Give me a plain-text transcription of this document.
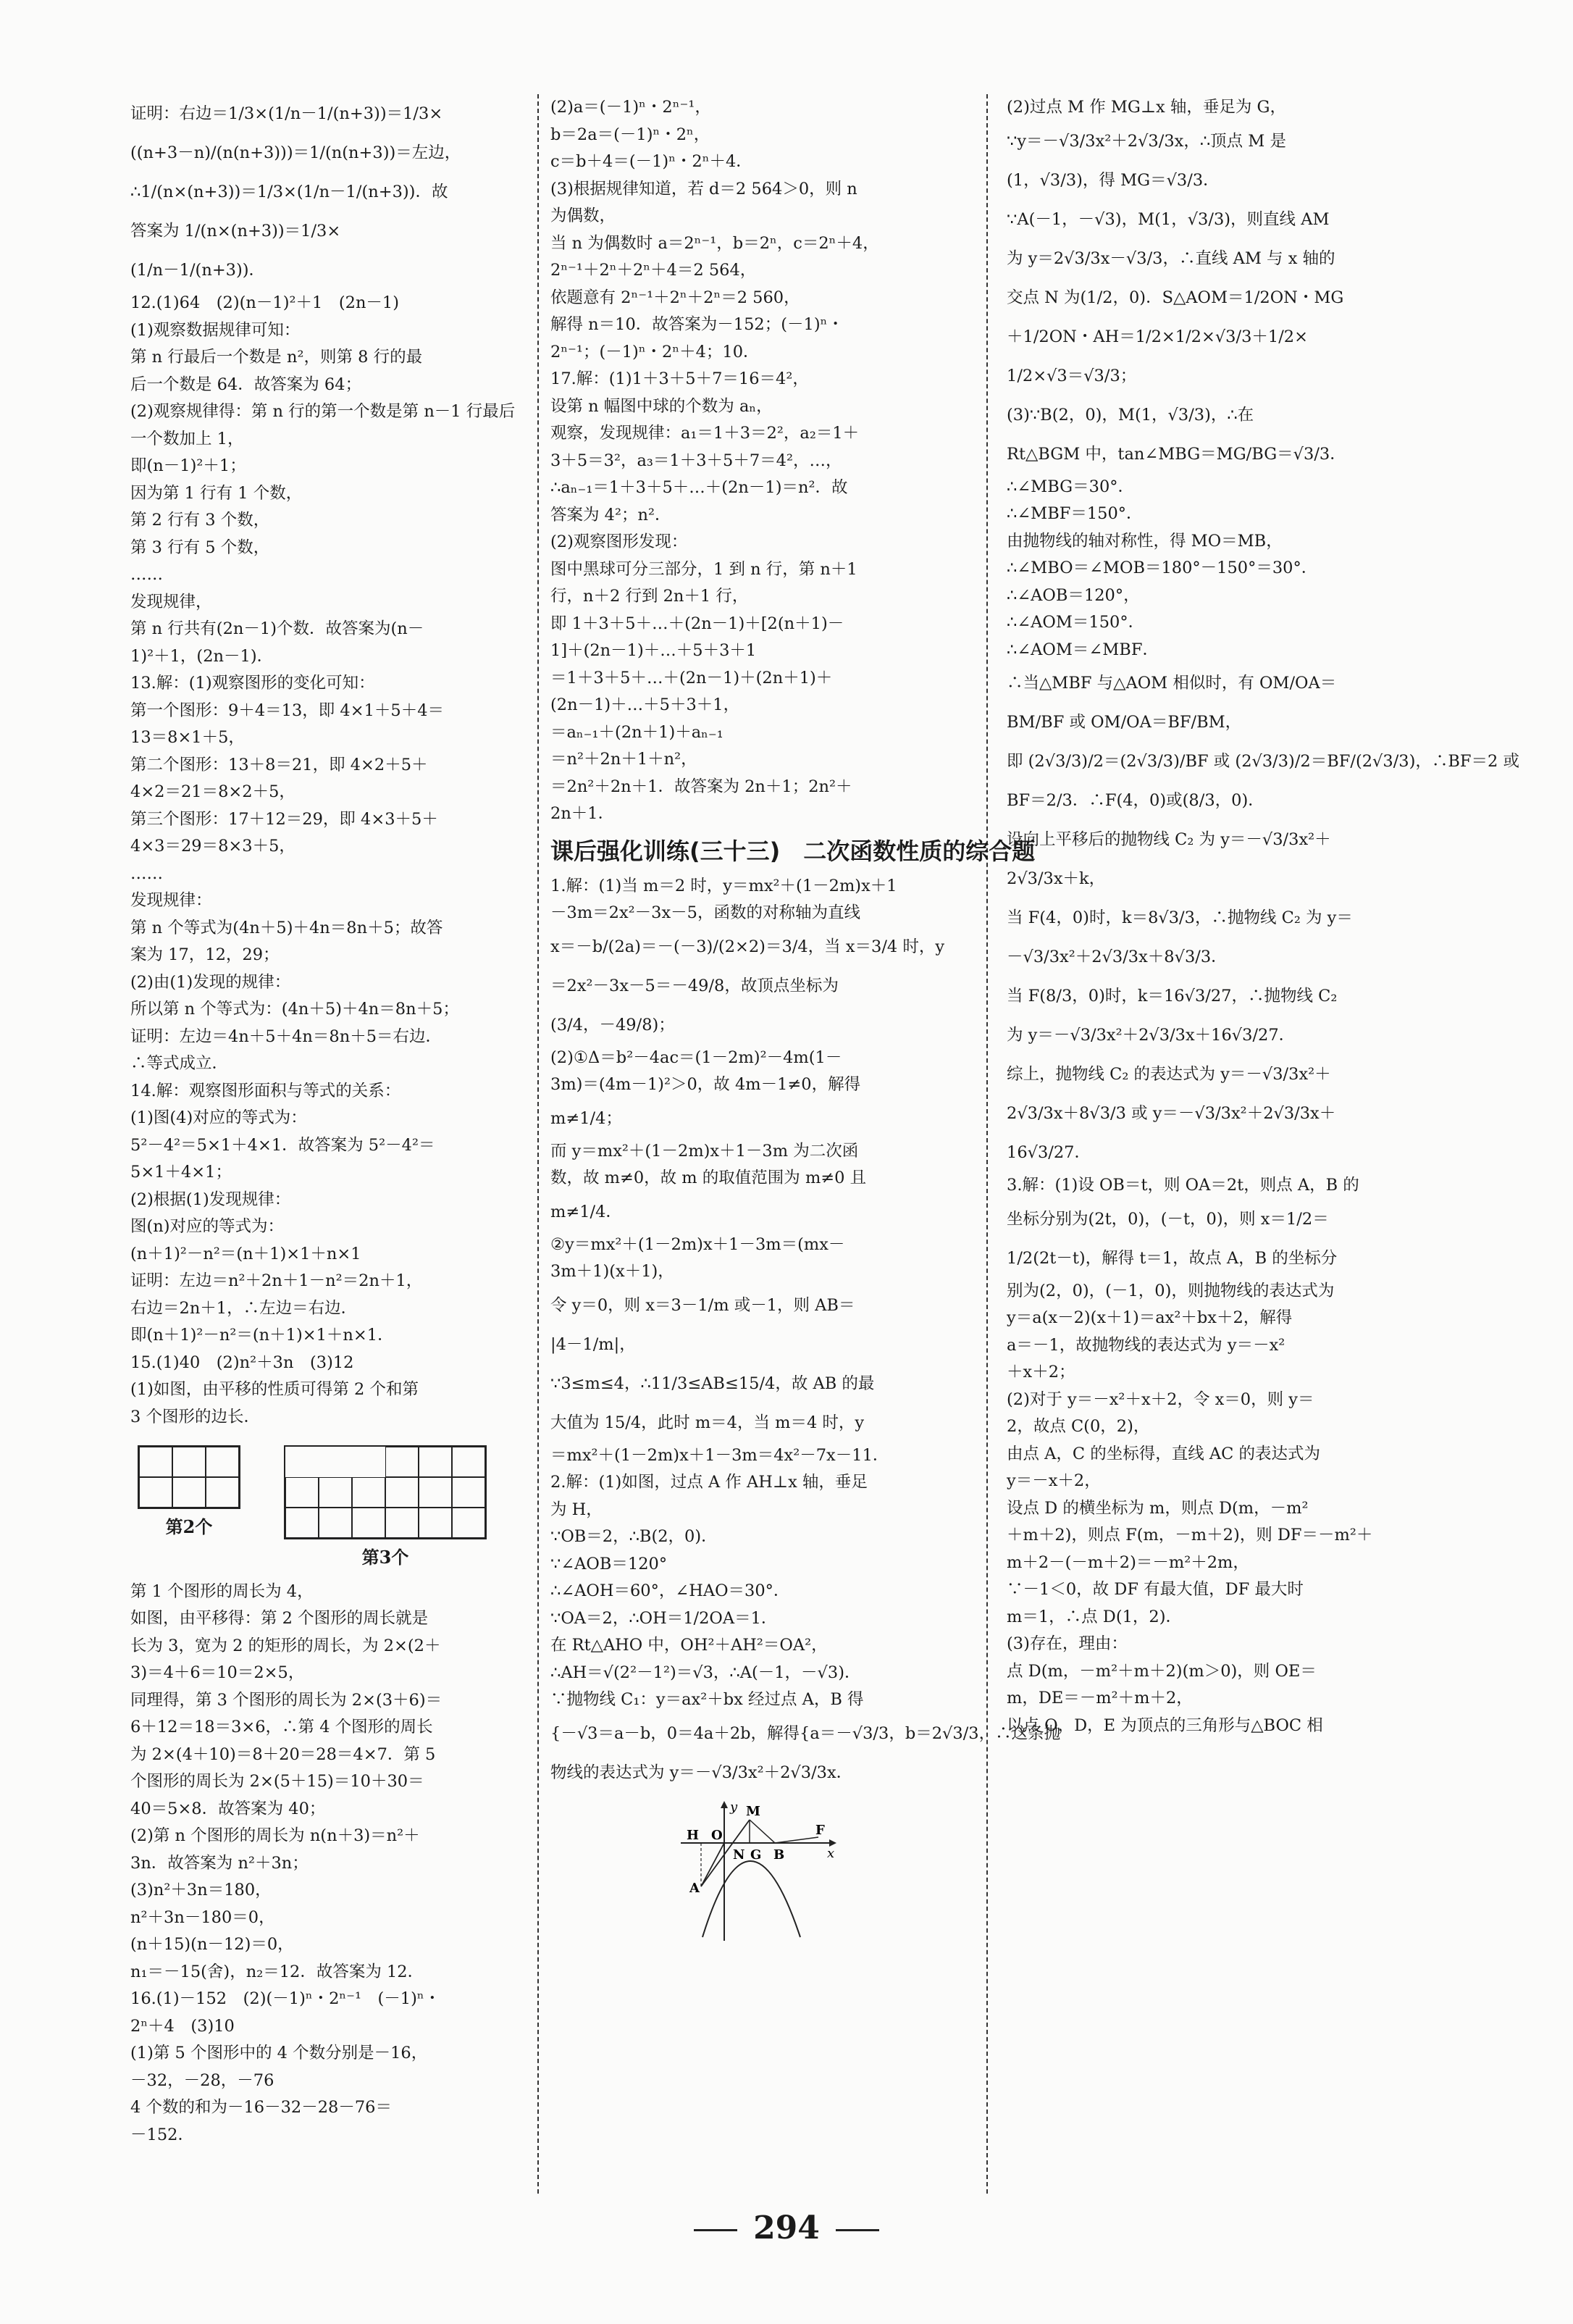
证明：右边＝1/3×(1/n－1/(n+3))＝1/3×
((n+3－n)/(n(n+3)))＝1/(n(n+3))＝左边，
∴1/(n×(n+3))＝1/3×(1/n－1/(n+3))．故
答案为 1/(n×(n+3))＝1/3×
(1/n－1/(n+3))．
12.(1)64　(2)(n－1)²＋1　(2n－1)
(1)观察数据规律可知：
第 n 行最后一个数是 n²，则第 8 行的最
后一个数是 64．故答案为 64；
(2)观察规律得：第 n 行的第一个数是第 n－1 行最后
一个数加上 1，
即(n－1)²＋1；
因为第 1 行有 1 个数，
第 2 行有 3 个数，
第 3 行有 5 个数，
……
发现规律，
第 n 行共有(2n－1)个数．故答案为(n－
1)²＋1，(2n－1)．
13.解：(1)观察图形的变化可知：
第一个图形：9＋4＝13，即 4×1＋5＋4＝
13＝8×1＋5，
第二个图形：13＋8＝21，即 4×2＋5＋
4×2＝21＝8×2＋5，
第三个图形：17＋12＝29，即 4×3＋5＋
4×3＝29＝8×3＋5，
……
发现规律：
第 n 个等式为(4n＋5)＋4n＝8n＋5；故答
案为 17，12，29；
(2)由(1)发现的规律：
所以第 n 个等式为：(4n＋5)＋4n＝8n＋5；
证明：左边＝4n＋5＋4n＝8n＋5＝右边．
∴等式成立．
14.解：观察图形面积与等式的关系：
(1)图(4)对应的等式为：
5²－4²＝5×1＋4×1．故答案为 5²－4²＝
5×1＋4×1；
(2)根据(1)发现规律：
图(n)对应的等式为：
(n＋1)²－n²＝(n＋1)×1＋n×1
证明：左边＝n²＋2n＋1－n²＝2n＋1，
右边＝2n＋1，∴左边＝右边．
即(n＋1)²－n²＝(n＋1)×1＋n×1．
15.(1)40　(2)n²＋3n　(3)12
(1)如图，由平移的性质可得第 2 个和第
3 个图形的边长．
第2个
第3个
第 1 个图形的周长为 4，
如图，由平移得：第 2 个图形的周长就是
长为 3，宽为 2 的矩形的周长，为 2×(2＋
3)＝4＋6＝10＝2×5，
同理得，第 3 个图形的周长为 2×(3＋6)＝
6＋12＝18＝3×6，∴第 4 个图形的周长
为 2×(4＋10)＝8＋20＝28＝4×7．第 5
个图形的周长为 2×(5＋15)＝10＋30＝
40＝5×8．故答案为 40；
(2)第 n 个图形的周长为 n(n＋3)＝n²＋
3n．故答案为 n²＋3n；
(3)n²＋3n＝180，
n²＋3n－180＝0，
(n＋15)(n－12)＝0，
n₁＝－15(舍)，n₂＝12．故答案为 12．
16.(1)－152　(2)(－1)ⁿ・2ⁿ⁻¹　(－1)ⁿ・
2ⁿ＋4　(3)10
(1)第 5 个图形中的 4 个数分别是－16，
－32，－28，－76
4 个数的和为－16－32－28－76＝
－152．
(2)a＝(－1)ⁿ・2ⁿ⁻¹，
b＝2a＝(－1)ⁿ・2ⁿ，
c＝b＋4＝(－1)ⁿ・2ⁿ＋4．
(3)根据规律知道，若 d＝2 564＞0，则 n
为偶数，
当 n 为偶数时 a＝2ⁿ⁻¹，b＝2ⁿ，c＝2ⁿ＋4，
2ⁿ⁻¹＋2ⁿ＋2ⁿ＋4＝2 564，
依题意有 2ⁿ⁻¹＋2ⁿ＋2ⁿ＝2 560，
解得 n＝10．故答案为－152；(－1)ⁿ・
2ⁿ⁻¹；(－1)ⁿ・2ⁿ＋4；10．
17.解：(1)1＋3＋5＋7＝16＝4²，
设第 n 幅图中球的个数为 aₙ，
观察，发现规律：a₁＝1＋3＝2²，a₂＝1＋
3＋5＝3²，a₃＝1＋3＋5＋7＝4²，…，
∴aₙ₋₁＝1＋3＋5＋…＋(2n－1)＝n²．故
答案为 4²；n²．
(2)观察图形发现：
图中黑球可分三部分，1 到 n 行，第 n＋1
行，n＋2 行到 2n＋1 行，
即 1＋3＋5＋…＋(2n－1)＋[2(n＋1)－
1]＋(2n－1)＋…＋5＋3＋1
＝1＋3＋5＋…＋(2n－1)＋(2n＋1)＋
(2n－1)＋…＋5＋3＋1，
＝aₙ₋₁＋(2n＋1)＋aₙ₋₁
＝n²＋2n＋1＋n²，
＝2n²＋2n＋1．故答案为 2n＋1；2n²＋
2n＋1．
课后强化训练(三十三)　二次函数性质的综合题
1.解：(1)当 m＝2 时，y＝mx²＋(1－2m)x＋1
－3m＝2x²－3x－5，函数的对称轴为直线
x＝－b/(2a)＝－(－3)/(2×2)＝3/4，当 x＝3/4 时，y
＝2x²－3x－5＝－49/8，故顶点坐标为
(3/4，－49/8)；
(2)①Δ＝b²－4ac＝(1－2m)²－4m(1－
3m)＝(4m－1)²＞0，故 4m－1≠0，解得
m≠1/4；
而 y＝mx²＋(1－2m)x＋1－3m 为二次函
数，故 m≠0，故 m 的取值范围为 m≠0 且
m≠1/4．
②y＝mx²＋(1－2m)x＋1－3m＝(mx－
3m＋1)(x＋1)，
令 y＝0，则 x＝3－1/m 或－1，则 AB＝
|4－1/m|，
∵3≤m≤4，∴11/3≤AB≤15/4，故 AB 的最
大值为 15/4，此时 m＝4，当 m＝4 时，y
＝mx²＋(1－2m)x＋1－3m＝4x²－7x－11．
2.解：(1)如图，过点 A 作 AH⊥x 轴，垂足
为 H，
∵OB＝2，∴B(2，0)．
∵∠AOB＝120°
∴∠AOH＝60°，∠HAO＝30°．
∵OA＝2，∴OH＝1/2OA＝1．
在 Rt△AHO 中，OH²＋AH²＝OA²，
∴AH＝√(2²－1²)＝√3，∴A(－1，－√3)．
∵抛物线 C₁：y＝ax²＋bx 经过点 A，B 得
{－√3＝a－b，0＝4a＋2b，解得{a＝－√3/3，b＝2√3/3，∴这条抛
物线的表达式为 y＝－√3/3x²＋2√3/3x．
y
x
H O
M
N G B
F
A
(2)过点 M 作 MG⊥x 轴，垂足为 G，
∵y＝－√3/3x²＋2√3/3x，∴顶点 M 是
(1，√3/3)，得 MG＝√3/3．
∵A(－1，－√3)，M(1，√3/3)，则直线 AM
为 y＝2√3/3x－√3/3，∴直线 AM 与 x 轴的
交点 N 为(1/2，0)．S△AOM＝1/2ON・MG
＋1/2ON・AH＝1/2×1/2×√3/3＋1/2×
1/2×√3＝√3/3；
(3)∵B(2，0)，M(1，√3/3)，∴在
Rt△BGM 中，tan∠MBG＝MG/BG＝√3/3．
∴∠MBG＝30°．
∴∠MBF＝150°．
由抛物线的轴对称性，得 MO＝MB，
∴∠MBO＝∠MOB＝180°－150°＝30°．
∴∠AOB＝120°，
∴∠AOM＝150°．
∴∠AOM＝∠MBF．
∴当△MBF 与△AOM 相似时，有 OM/OA＝
BM/BF 或 OM/OA＝BF/BM，
即 (2√3/3)/2＝(2√3/3)/BF 或 (2√3/3)/2＝BF/(2√3/3)，∴BF＝2 或
BF＝2/3．∴F(4，0)或(8/3，0)．
设向上平移后的抛物线 C₂ 为 y＝－√3/3x²＋
2√3/3x＋k，
当 F(4，0)时，k＝8√3/3，∴抛物线 C₂ 为 y＝
－√3/3x²＋2√3/3x＋8√3/3．
当 F(8/3，0)时，k＝16√3/27，∴抛物线 C₂
为 y＝－√3/3x²＋2√3/3x＋16√3/27．
综上，抛物线 C₂ 的表达式为 y＝－√3/3x²＋
2√3/3x＋8√3/3 或 y＝－√3/3x²＋2√3/3x＋
16√3/27．
3.解：(1)设 OB＝t，则 OA＝2t，则点 A，B 的
坐标分别为(2t，0)，(－t，0)，则 x＝1/2＝
1/2(2t－t)，解得 t＝1，故点 A，B 的坐标分
别为(2，0)，(－1，0)，则抛物线的表达式为
y＝a(x－2)(x＋1)＝ax²＋bx＋2，解得
a＝－1，故抛物线的表达式为 y＝－x²
＋x＋2；
(2)对于 y＝－x²＋x＋2，令 x＝0，则 y＝
2，故点 C(0，2)，
由点 A，C 的坐标得，直线 AC 的表达式为
y＝－x＋2，
设点 D 的横坐标为 m，则点 D(m，－m²
＋m＋2)，则点 F(m，－m＋2)，则 DF＝－m²＋
m＋2－(－m＋2)＝－m²＋2m，
∵－1＜0，故 DF 有最大值，DF 最大时
m＝1，∴点 D(1，2)．
(3)存在，理由：
点 D(m，－m²＋m＋2)(m＞0)，则 OE＝
m，DE＝－m²＋m＋2，
以点 O，D，E 为顶点的三角形与△BOC 相
294
